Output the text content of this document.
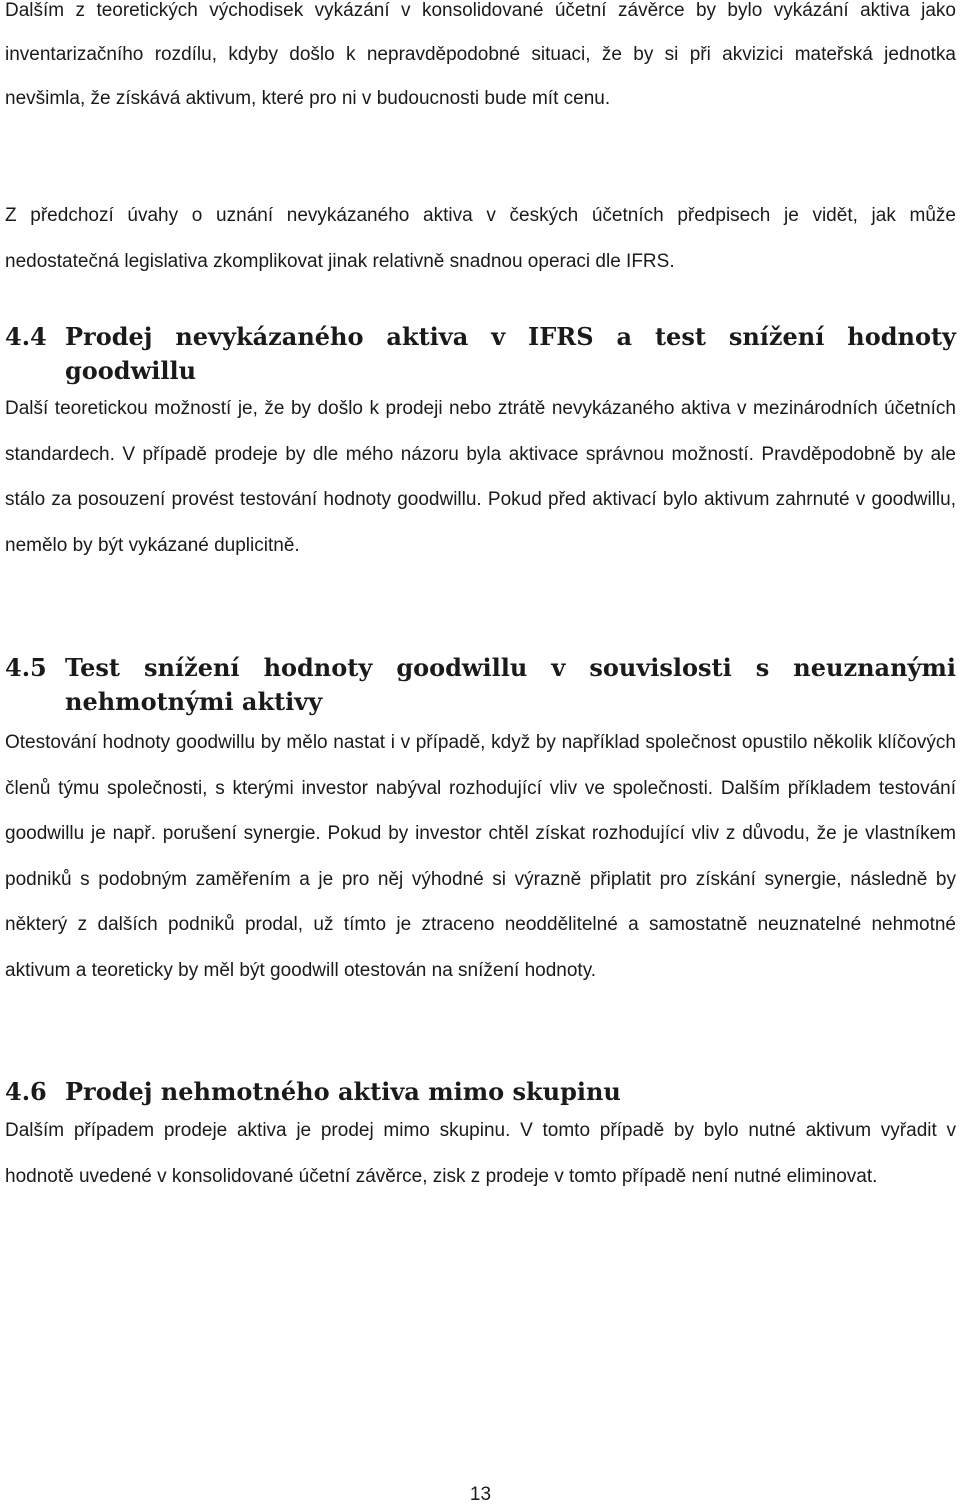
Dalším z teoretických východisek vykázání v konsolidované účetní závěrce by bylo vykázání aktiva jako inventarizačního rozdílu, kdyby došlo k nepravděpodobné situaci, že by si při akvizici mateřská jednotka nevšimla, že získává aktivum, které pro ni v budoucnosti bude mít cenu.

Z předchozí úvahy o uznání nevykázaného aktiva v českých účetních předpisech je vidět, jak může nedostatečná legislativa zkomplikovat jinak relativně snadnou operaci dle IFRS.

4.4 Prodej nevykázaného aktiva v IFRS a test snížení hodnoty goodwillu

Další teoretickou možností je, že by došlo k prodeji nebo ztrátě nevykázaného aktiva v mezinárodních účetních standardech. V případě prodeje by dle mého názoru byla aktivace správnou možností. Pravděpodobně by ale stálo za posouzení provést testování hodnoty goodwillu. Pokud před aktivací bylo aktivum zahrnuté v goodwillu, nemělo by být vykázané duplicitně.

4.5 Test snížení hodnoty goodwillu v souvislosti s neuznanými nehmotnými aktivy

Otestování hodnoty goodwillu by mělo nastat i v případě, když by například společnost opustilo několik klíčových členů týmu společnosti, s kterými investor nabýval rozhodující vliv ve společnosti. Dalším příkladem testování goodwillu je např. porušení synergie. Pokud by investor chtěl získat rozhodující vliv z důvodu, že je vlastníkem podniků s podobným zaměřením a je pro něj výhodné si výrazně připlatit pro získání synergie, následně by některý z dalších podniků prodal, už tímto je ztraceno neoddělitelné a samostatně neuznatelné nehmotné aktivum a teoreticky by měl být goodwill otestován na snížení hodnoty.

4.6 Prodej nehmotného aktiva mimo skupinu

Dalším případem prodeje aktiva je prodej mimo skupinu. V tomto případě by bylo nutné aktivum vyřadit v hodnotě uvedené v konsolidované účetní závěrce, zisk z prodeje v tomto případě není nutné eliminovat.

13
